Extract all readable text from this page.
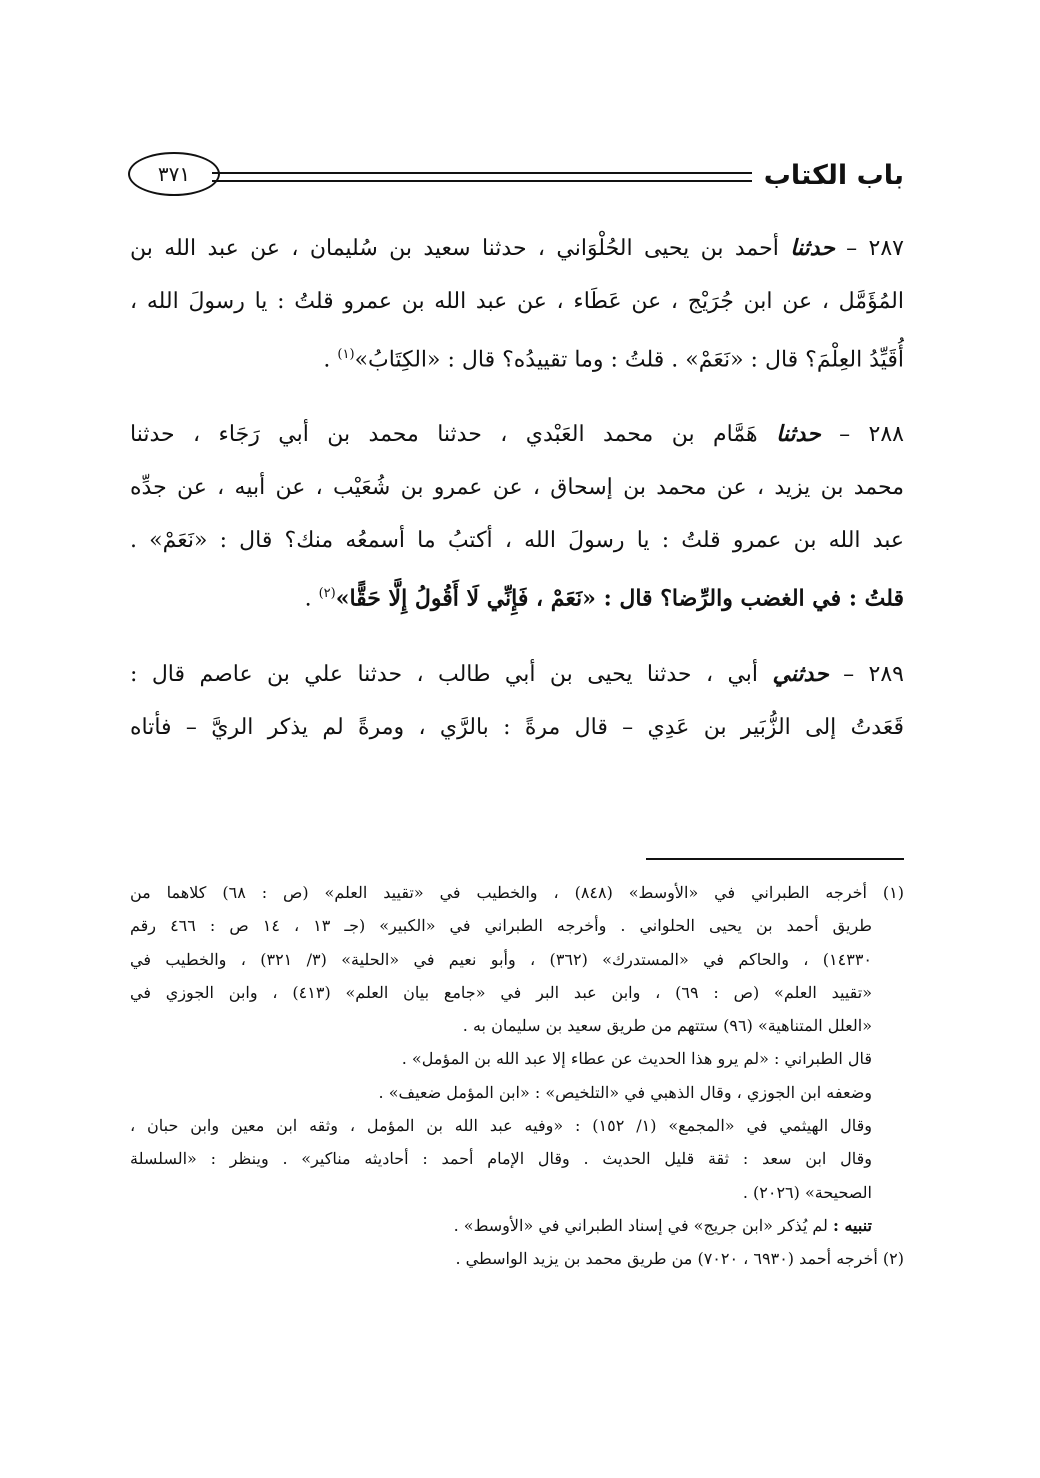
باب الكتاب
٣٧١
٢٨٧ – حدثنا أحمد بن يحيى الحُلْوَاني ، حدثنا سعيد بن سُليمان ، عن عبد الله بن
المُؤَمَّل ، عن ابن جُرَيْج ، عن عَطَاء ، عن عبد الله بن عمرو قلتُ : يا رسولَ الله ،
أُقَيِّدُ العِلْمَ؟ قال : «نَعَمْ» . قلتُ : وما تقييدُه؟ قال : «الكِتَابُ»$^{(١)}$ .
٢٨٨ – حدثنا هَمَّام بن محمد العَبْدي ، حدثنا محمد بن أبي رَجَاء ، حدثنا
محمد بن يزيد ، عن محمد بن إسحاق ، عن عمرو بن شُعَيْب ، عن أبيه ، عن جدِّه
عبد الله بن عمرو قلتُ : يا رسولَ الله ، أكتبُ ما أسمعُه منك؟ قال : «نَعَمْ» .
قلتُ : في الغضب والرِّضا؟ قال : «نَعَمْ ، فَإِنِّي لَا أَقُولُ إِلَّا حَقًّا»$^{(٢)}$ .
٢٨٩ – حدثني أبي ، حدثنا يحيى بن أبي طالب ، حدثنا علي بن عاصم قال :
قَعَدتُ إلى الزُّبَير بن عَدِي – قال مرةً : بالرَّي ، ومرةً لم يذكر الريَّ – فأتاه
(١) أخرجه الطبراني في «الأوسط» (٨٤٨) ، والخطيب في «تقييد العلم» (ص : ٦٨) كلاهما من
طريق أحمد بن يحيى الحلواني . وأخرجه الطبراني في «الكبير» (جـ ١٣ ، ١٤ ص : ٤٦٦ رقم
١٤٣٣٠) ، والحاكم في «المستدرك» (٣٦٢) ، وأبو نعيم في «الحلية» (٣/ ٣٢١) ، والخطيب في
«تقييد العلم» (ص : ٦٩) ، وابن عبد البر في «جامع بيان العلم» (٤١٣) ، وابن الجوزي في
«العلل المتناهية» (٩٦) ستتهم من طريق سعيد بن سليمان به .
قال الطبراني : «لم يرو هذا الحديث عن عطاء إلا عبد الله بن المؤمل» .
وضعفه ابن الجوزي ، وقال الذهبي في «التلخيص» : «ابن المؤمل ضعيف» .
وقال الهيثمي في «المجمع» (١/ ١٥٢) : «وفيه عبد الله بن المؤمل ، وثقه ابن معين وابن حبان ،
وقال ابن سعد : ثقة قليل الحديث . وقال الإمام أحمد : أحاديثه مناكير» . وينظر : «السلسلة
الصحيحة» (٢٠٢٦) .
تنبيه : لم يُذكر «ابن جريج» في إسناد الطبراني في «الأوسط» .
(٢) أخرجه أحمد (٦٩٣٠ ، ٧٠٢٠) من طريق محمد بن يزيد الواسطي .
